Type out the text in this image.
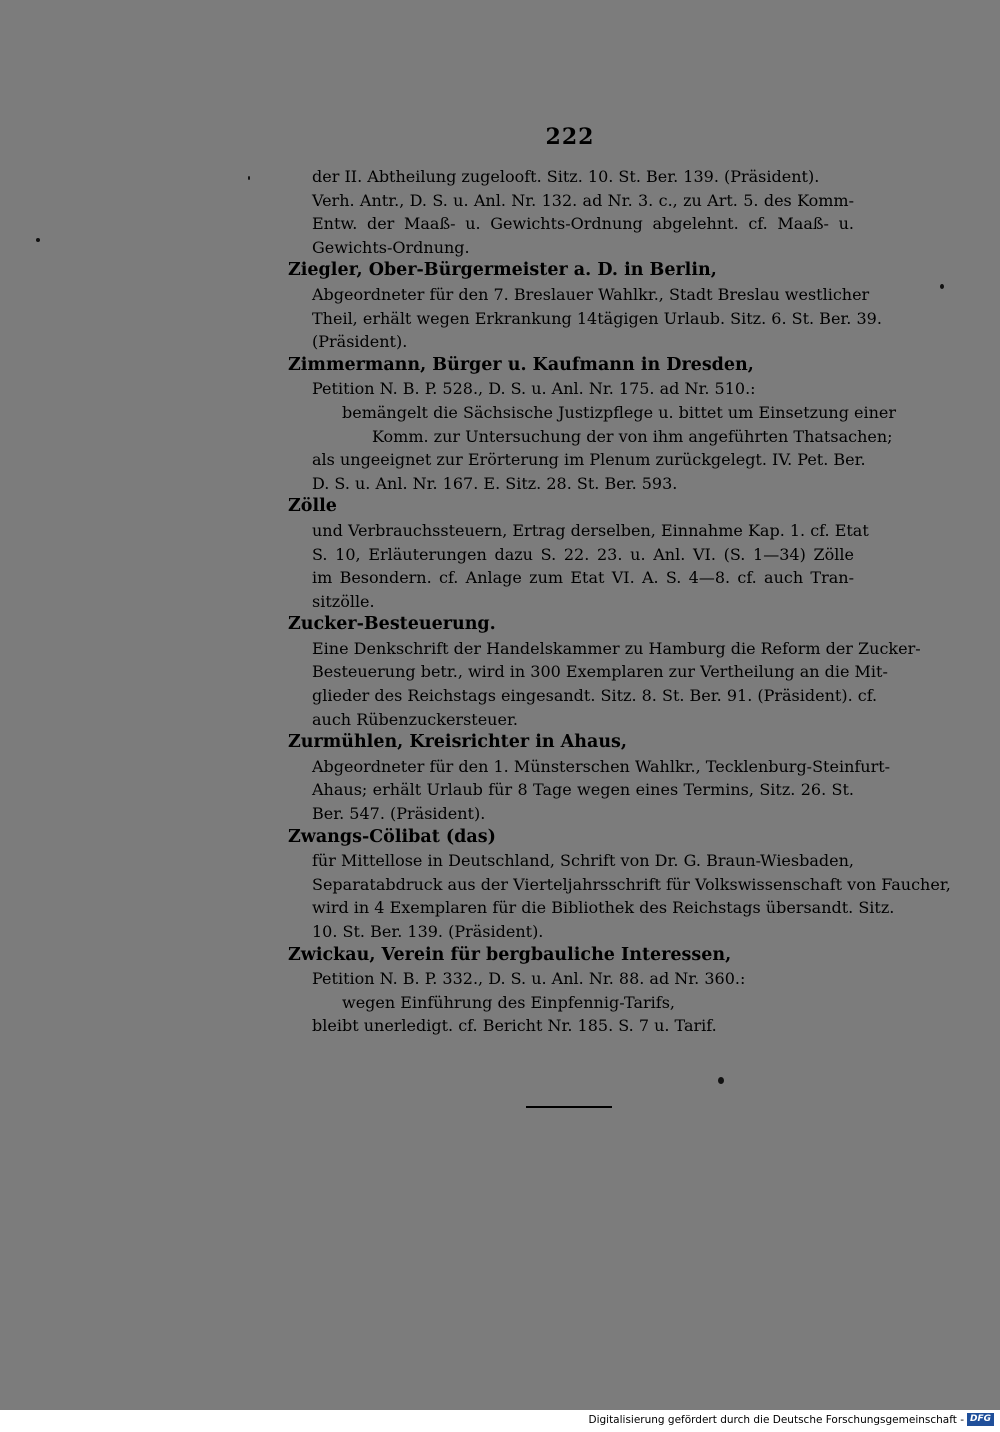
222
der II. Abtheilung zugelooft. Sitz. 10. St. Ber. 139. (Präsident).
Verh. Antr., D. S. u. Anl. Nr. 132. ad Nr. 3. c., zu Art. 5. des Komm-
Entw. der Maaß- u. Gewichts-Ordnung abgelehnt. cf. Maaß- u.
Gewichts-Ordnung.
Ziegler, Ober-Bürgermeister a. D. in Berlin,
Abgeordneter für den 7. Breslauer Wahlkr., Stadt Breslau westlicher
Theil, erhält wegen Erkrankung 14tägigen Urlaub. Sitz. 6. St. Ber. 39.
(Präsident).
Zimmermann, Bürger u. Kaufmann in Dresden,
Petition N. B. P. 528., D. S. u. Anl. Nr. 175. ad Nr. 510.:
bemängelt die Sächsische Justizpflege u. bittet um Einsetzung einer
Komm. zur Untersuchung der von ihm angeführten Thatsachen;
als ungeeignet zur Erörterung im Plenum zurückgelegt. IV. Pet. Ber.
D. S. u. Anl. Nr. 167. E. Sitz. 28. St. Ber. 593.
Zölle
und Verbrauchssteuern, Ertrag derselben, Einnahme Kap. 1. cf. Etat
S. 10, Erläuterungen dazu S. 22. 23. u. Anl. VI. (S. 1—34) Zölle
im Besondern. cf. Anlage zum Etat VI. A. S. 4—8. cf. auch Tran-
sitzölle.
Zucker-Besteuerung.
Eine Denkschrift der Handelskammer zu Hamburg die Reform der Zucker-
Besteuerung betr., wird in 300 Exemplaren zur Vertheilung an die Mit-
glieder des Reichstags eingesandt. Sitz. 8. St. Ber. 91. (Präsident). cf.
auch Rübenzuckersteuer.
Zurmühlen, Kreisrichter in Ahaus,
Abgeordneter für den 1. Münsterschen Wahlkr., Tecklenburg-Steinfurt-
Ahaus; erhält Urlaub für 8 Tage wegen eines Termins, Sitz. 26. St.
Ber. 547. (Präsident).
Zwangs-Cölibat (das)
für Mittellose in Deutschland, Schrift von Dr. G. Braun-Wiesbaden,
Separatabdruck aus der Vierteljahrsschrift für Volkswissenschaft von Faucher,
wird in 4 Exemplaren für die Bibliothek des Reichstags übersandt. Sitz.
10. St. Ber. 139. (Präsident).
Zwickau, Verein für bergbauliche Interessen,
Petition N. B. P. 332., D. S. u. Anl. Nr. 88. ad Nr. 360.:
wegen Einführung des Einpfennig-Tarifs,
bleibt unerledigt. cf. Bericht Nr. 185. S. 7 u. Tarif.
Digitalisierung gefördert durch die Deutsche Forschungsgemeinschaft - DFG
